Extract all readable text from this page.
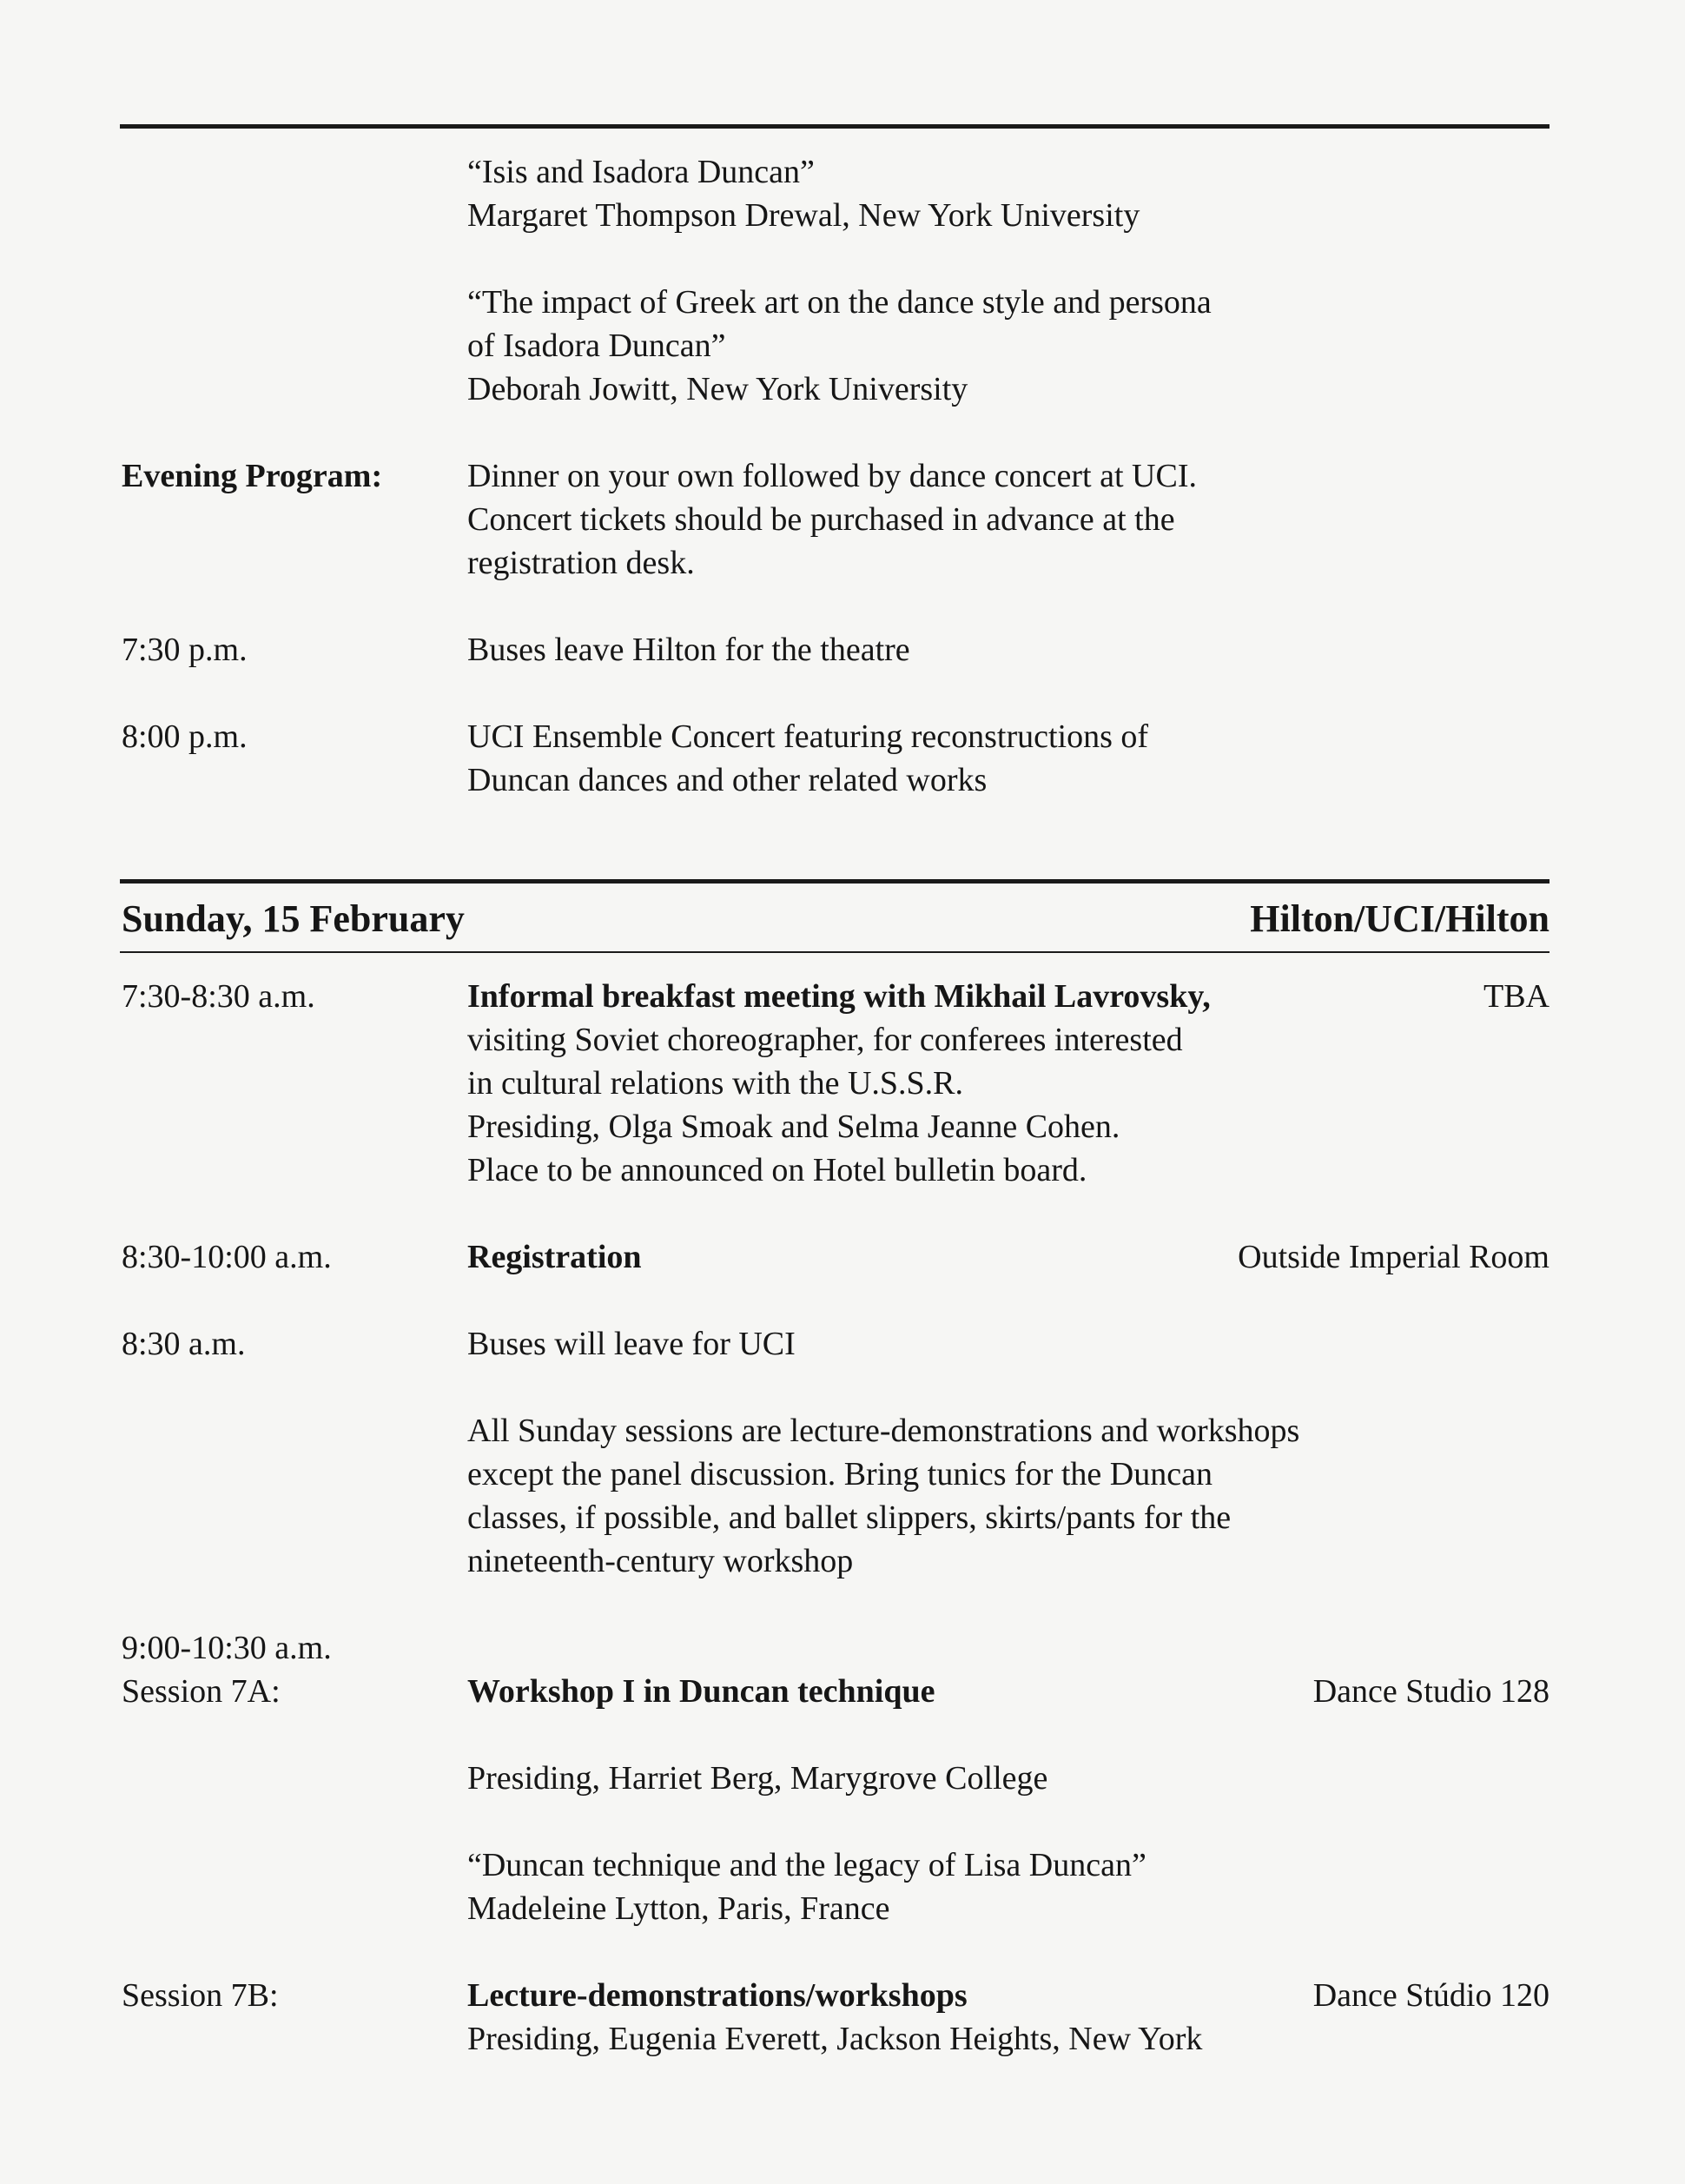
“Isis and Isadora Duncan”
Margaret Thompson Drewal, New York University
“The impact of Greek art on the dance style and persona
of Isadora Duncan”
Deborah Jowitt, New York University
Evening Program:	Dinner on your own followed by dance concert at UCI.
Concert tickets should be purchased in advance at the
registration desk.
7:30 p.m.	Buses leave Hilton for the theatre
8:00 p.m.	UCI Ensemble Concert featuring reconstructions of
Duncan dances and other related works
Sunday, 15 February	Hilton/UCI/Hilton
7:30-8:30 a.m.	Informal breakfast meeting with Mikhail Lavrovsky,	TBA
visiting Soviet choreographer, for conferees interested
in cultural relations with the U.S.S.R.
Presiding, Olga Smoak and Selma Jeanne Cohen.
Place to be announced on Hotel bulletin board.
8:30-10:00 a.m.	Registration	Outside Imperial Room
8:30 a.m.	Buses will leave for UCI
All Sunday sessions are lecture-demonstrations and workshops
except the panel discussion. Bring tunics for the Duncan
classes, if possible, and ballet slippers, skirts/pants for the
nineteenth-century workshop
9:00-10:30 a.m.
Session 7A:	Workshop I in Duncan technique	Dance Studio 128
Presiding, Harriet Berg, Marygrove College
“Duncan technique and the legacy of Lisa Duncan”
Madeleine Lytton, Paris, France
Session 7B:	Lecture-demonstrations/workshops	Dance Stúdio 120
Presiding, Eugenia Everett, Jackson Heights, New York
